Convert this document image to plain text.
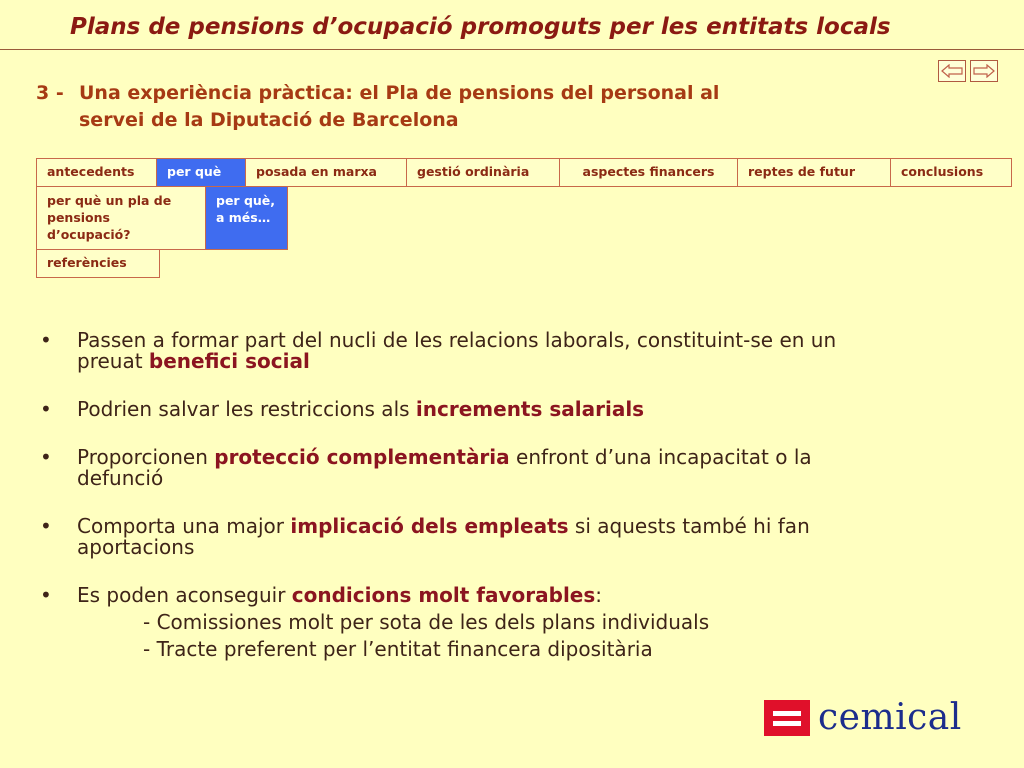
Plans de pensions d’ocupació promoguts per les entitats locals
3 - Una experiència pràctica: el Pla de pensions del personal al
servei de la Diputació de Barcelona
antecedents	per què	posada en marxa	gestió ordinària	aspectes financers	reptes de futur	conclusions
per què un pla de pensions d’ocupació?
per què, a més…
referències
• Passen a formar part del nucli de les relacions laborals, constituint-se en un preuat benefici social
• Podrien salvar les restriccions als increments salarials
• Proporcionen protecció complementària enfront d’una incapacitat o la defunció
• Comporta una major implicació dels empleats si aquests també hi fan aportacions
• Es poden aconseguir condicions molt favorables:
- Comissiones molt per sota de les dels plans individuals
- Tracte preferent per l’entitat financera dipositària
cemical
